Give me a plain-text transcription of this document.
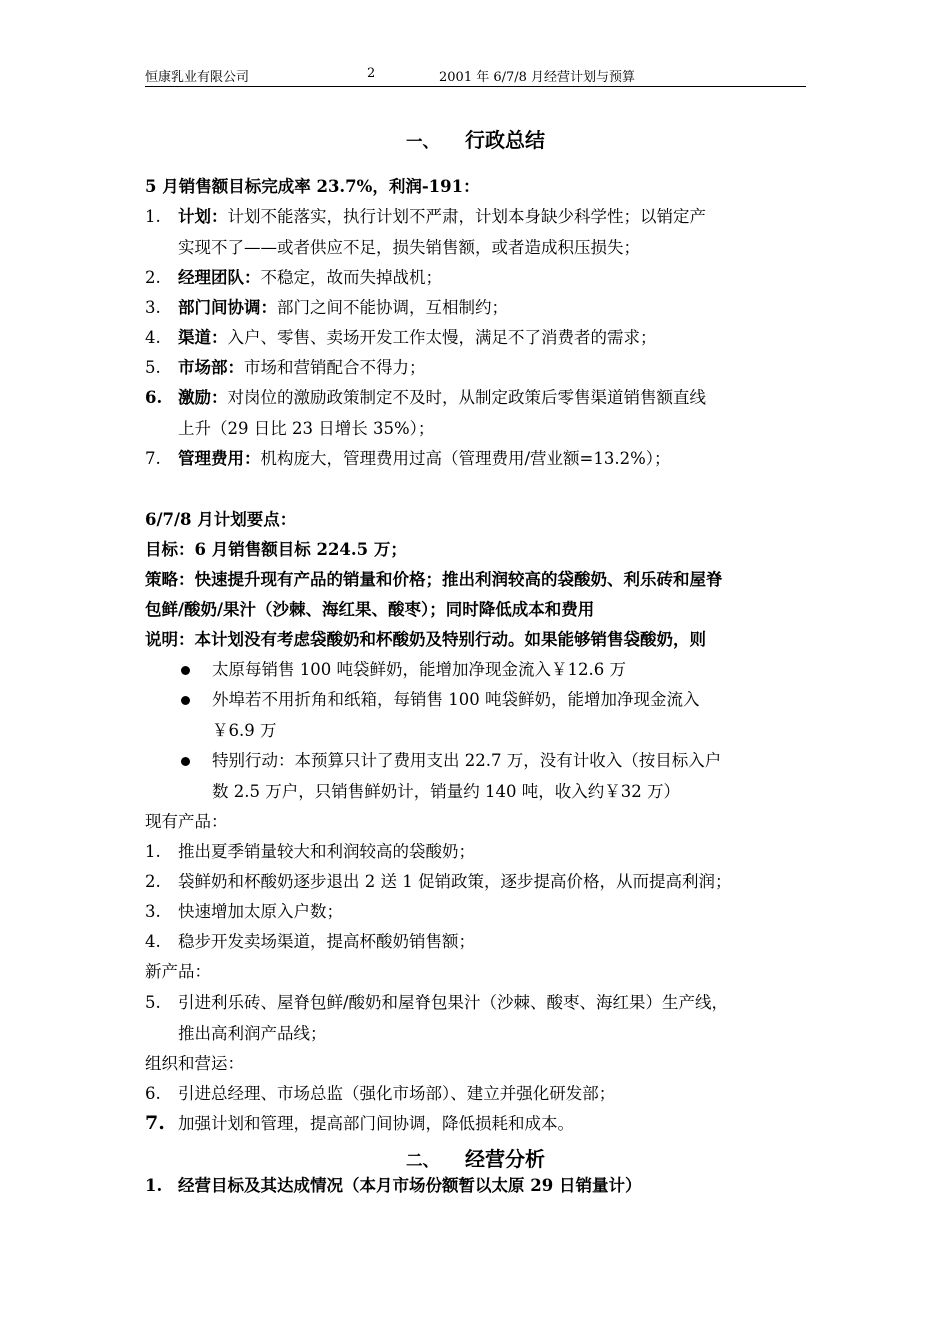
恒康乳业有限公司	2	2001 年 6/7/8 月经营计划与预算
一、 行政总结
5 月销售额目标完成率 23.7%，利润-191：
1. 计划：计划不能落实，执行计划不严肃，计划本身缺少科学性；以销定产
实现不了——或者供应不足，损失销售额，或者造成积压损失；
2. 经理团队：不稳定，故而失掉战机；
3. 部门间协调：部门之间不能协调，互相制约；
4. 渠道：入户、零售、卖场开发工作太慢，满足不了消费者的需求；
5. 市场部：市场和营销配合不得力；
6. 激励：对岗位的激励政策制定不及时，从制定政策后零售渠道销售额直线
上升（29 日比 23 日增长 35%）；
7. 管理费用：机构庞大，管理费用过高（管理费用/营业额=13.2%）；
6/7/8 月计划要点：
目标：6 月销售额目标 224.5 万；
策略：快速提升现有产品的销量和价格；推出利润较高的袋酸奶、利乐砖和屋脊
包鲜/酸奶/果汁（沙棘、海红果、酸枣）；同时降低成本和费用
说明：本计划没有考虑袋酸奶和杯酸奶及特别行动。如果能够销售袋酸奶，则
太原每销售 100 吨袋鲜奶，能增加净现金流入￥12.6 万
外埠若不用折角和纸箱，每销售 100 吨袋鲜奶，能增加净现金流入
￥6.9 万
特别行动：本预算只计了费用支出 22.7 万，没有计收入（按目标入户
数 2.5 万户，只销售鲜奶计，销量约 140 吨，收入约￥32 万）
现有产品：
1. 推出夏季销量较大和利润较高的袋酸奶；
2. 袋鲜奶和杯酸奶逐步退出 2 送 1 促销政策，逐步提高价格，从而提高利润；
3. 快速增加太原入户数；
4. 稳步开发卖场渠道，提高杯酸奶销售额；
新产品：
5. 引进利乐砖、屋脊包鲜/酸奶和屋脊包果汁（沙棘、酸枣、海红果）生产线，
推出高利润产品线；
组织和营运：
6. 引进总经理、市场总监（强化市场部）、建立并强化研发部；
7. 加强计划和管理，提高部门间协调，降低损耗和成本。
二、 经营分析
1. 经营目标及其达成情况（本月市场份额暂以太原 29 日销量计）
